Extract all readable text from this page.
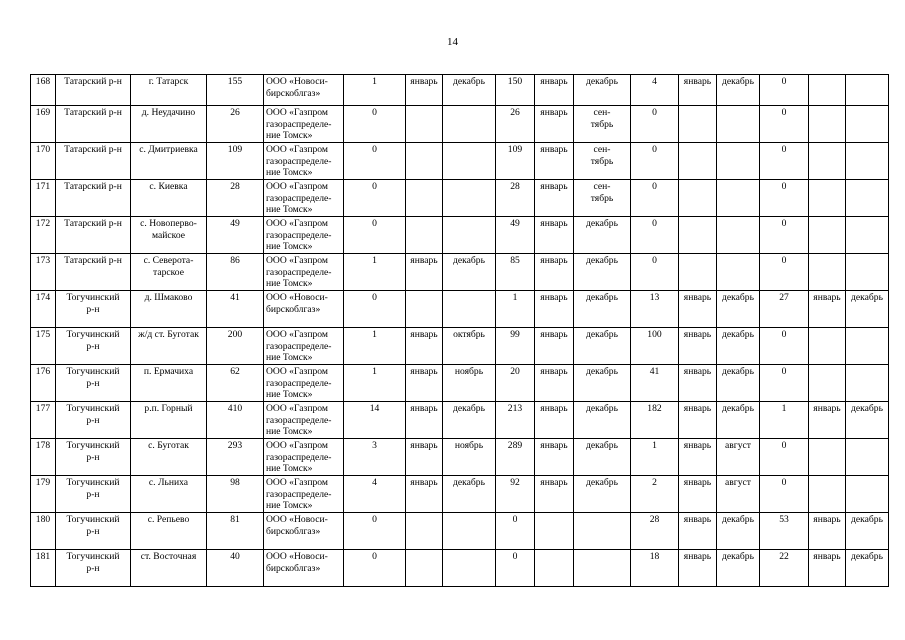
14
168	Татарский р-н	г. Татарск	155	ООО «Новоси-
бирскоблгаз»	1	январь	декабрь	150	январь	декабрь	4	январь	декабрь	0		
169	Татарский р-н	д. Неудачино	26	ООО «Газпром
газораспределе-
ние Томск»	0			26	январь	сен-
тябрь	0			0		
170	Татарский р-н	с. Дмитриевка	109	ООО «Газпром
газораспределе-
ние Томск»	0			109	январь	сен-
тябрь	0			0		
171	Татарский р-н	с. Киевка	28	ООО «Газпром
газораспределе-
ние Томск»	0			28	январь	сен-
тябрь	0			0		
172	Татарский р-н	с. Новоперво-
майское	49	ООО «Газпром
газораспределе-
ние Томск»	0			49	январь	декабрь	0			0		
173	Татарский р-н	с. Северота-
тарское	86	ООО «Газпром
газораспределе-
ние Томск»	1	январь	декабрь	85	январь	декабрь	0			0		
174	Тогучинский
р-н	д. Шмаково	41	ООО «Новоси-
бирскоблгаз»	0			1	январь	декабрь	13	январь	декабрь	27	январь	декабрь
175	Тогучинский
р-н	ж/д ст. Буготак	200	ООО «Газпром
газораспределе-
ние Томск»	1	январь	октябрь	99	январь	декабрь	100	январь	декабрь	0		
176	Тогучинский
р-н	п. Ермачиха	62	ООО «Газпром
газораспределе-
ние Томск»	1	январь	ноябрь	20	январь	декабрь	41	январь	декабрь	0		
177	Тогучинский
р-н	р.п. Горный	410	ООО «Газпром
газораспределе-
ние Томск»	14	январь	декабрь	213	январь	декабрь	182	январь	декабрь	1	январь	декабрь
178	Тогучинский
р-н	с. Буготак	293	ООО «Газпром
газораспределе-
ние Томск»	3	январь	ноябрь	289	январь	декабрь	1	январь	август	0		
179	Тогучинский
р-н	с. Льниха	98	ООО «Газпром
газораспределе-
ние Томск»	4	январь	декабрь	92	январь	декабрь	2	январь	август	0		
180	Тогучинский
р-н	с. Репьево	81	ООО «Новоси-
бирскоблгаз»	0			0			28	январь	декабрь	53	январь	декабрь
181	Тогучинский
р-н	ст. Восточная	40	ООО «Новоси-
бирскоблгаз»	0			0			18	январь	декабрь	22	январь	декабрь
